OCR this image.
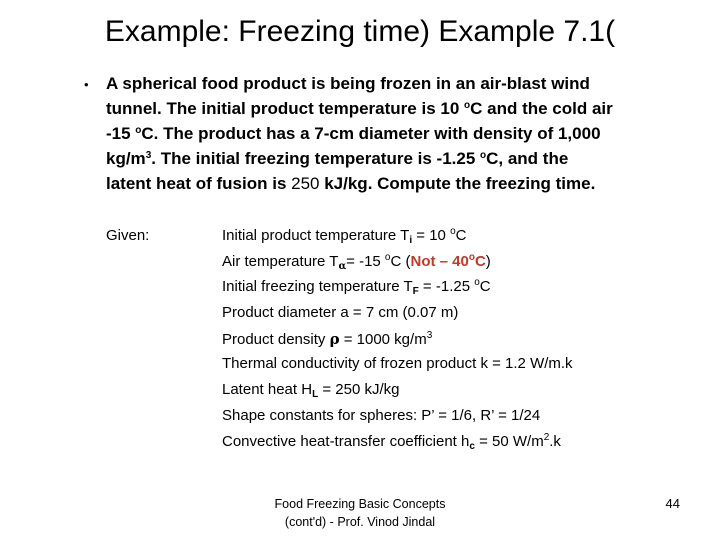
Example: Freezing time) Example 7.1(
• A spherical food product is being frozen in an air-blast wind
tunnel. The initial product temperature is 10 $^o$C and the cold air
-15 $^o$C. The product has a 7-cm diameter with density of 1,000
$kg/m^3$. The initial freezing temperature is -1.25 $^o$C, and the
latent heat of fusion is 250 kJ/kg. Compute the freezing time.
Given:	Initial product temperature $T_i = 10$ $^o$C
Air temperature $T_\alpha= -15$ $^o$C (Not – 40$^o$C)
Initial freezing temperature $T_F = -1.25$ $^o$C
Product diameter a = 7 cm (0.07 m)
Product density ρ = 1000 $kg/m^3$
Thermal conductivity of frozen product k = 1.2 W/m.k
Latent heat $H_L = 250$ kJ/kg
Shape constants for spheres: P’ = 1/6, R’ = 1/24
Convective heat-transfer coefficient $h_c = 50$ $W/m^2.k$
Food Freezing Basic Concepts
(cont'd) - Prof. Vinod Jindal
44
